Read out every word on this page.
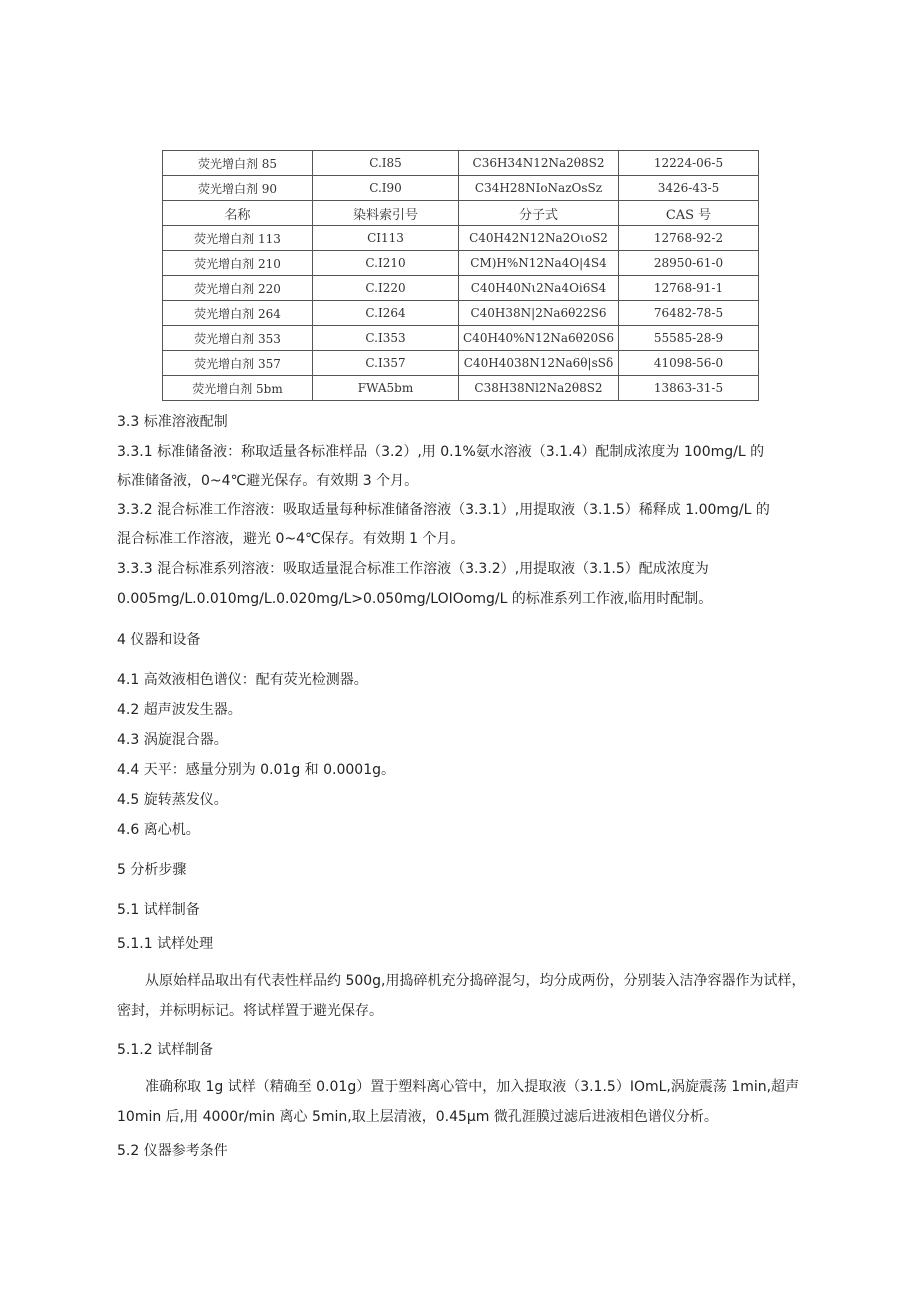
荧光增白剂 85	C.I85	C36H34N12Na2θ8S2	12224-06-5
荧光增白剂 90	C.I90	C34H28NIoNazOsSz	3426-43-5
名称	染料索引号	分子式	CAS 号
荧光增白剂 113	CI113	C40H42N12Na2OιoS2	12768-92-2
荧光增白剂 210	C.I210	CM)H%N12Na4O|4S4	28950-61-0
荧光增白剂 220	C.I220	C40H40Nι2Na4Oi6S4	12768-91-1
荧光增白剂 264	C.I264	C40H38N|2Na6θ22S6	76482-78-5
荧光增白剂 353	C.I353	C40H40%N12Na6θ20S6	55585-28-9
荧光增白剂 357	C.I357	C40H4038N12Na6θ|sSδ	41098-56-0
荧光增白剂 5bm	FWA5bm	C38H38Nl2Na2θ8S2	13863-31-5
3.3 标准溶液配制
3.3.1 标准储备液：称取适量各标准样品（3.2）,用 0.1%氨水溶液（3.1.4）配制成浓度为 100mg/L 的
标准储备液，0~4℃避光保存。有效期 3 个月。
3.3.2 混合标准工作溶液：吸取适量每种标准储备溶液（3.3.1）,用提取液（3.1.5）稀释成 1.00mg/L 的
混合标准工作溶液，避光 0~4℃保存。有效期 1 个月。
3.3.3 混合标准系列溶液：吸取适量混合标准工作溶液（3.3.2）,用提取液（3.1.5）配成浓度为
0.005mg/L.0.010mg/L.0.020mg∕L>0.050mg/LOIOomg/L 的标准系列工作液,临用时配制。
4 仪器和设备
4.1 高效液相色谱仪：配有荧光检测器。
4.2 超声波发生器。
4.3 涡旋混合器。
4.4 天平：感量分别为 0.01g 和 0.0001g。
4.5 旋转蒸发仪。
4.6 离心机。
5 分析步骤
5.1 试样制备
5.1.1 试样处理
从原始样品取出有代表性样品约 500g,用捣碎机充分捣碎混匀，均分成两份，分别装入洁净容器作为试样，密封，并标明标记。将试样置于避光保存。
5.1.2 试样制备
准确称取 1g 试样（精确至 0.01g）置于塑料离心管中，加入提取液（3.1.5）IOmL,涡旋震荡 1min,超声 10min 后,用 4000r/min 离心 5min,取上层清液，0.45μm 微孔涯膜过滤后进液相色谱仪分析。
5.2 仪器参考条件
